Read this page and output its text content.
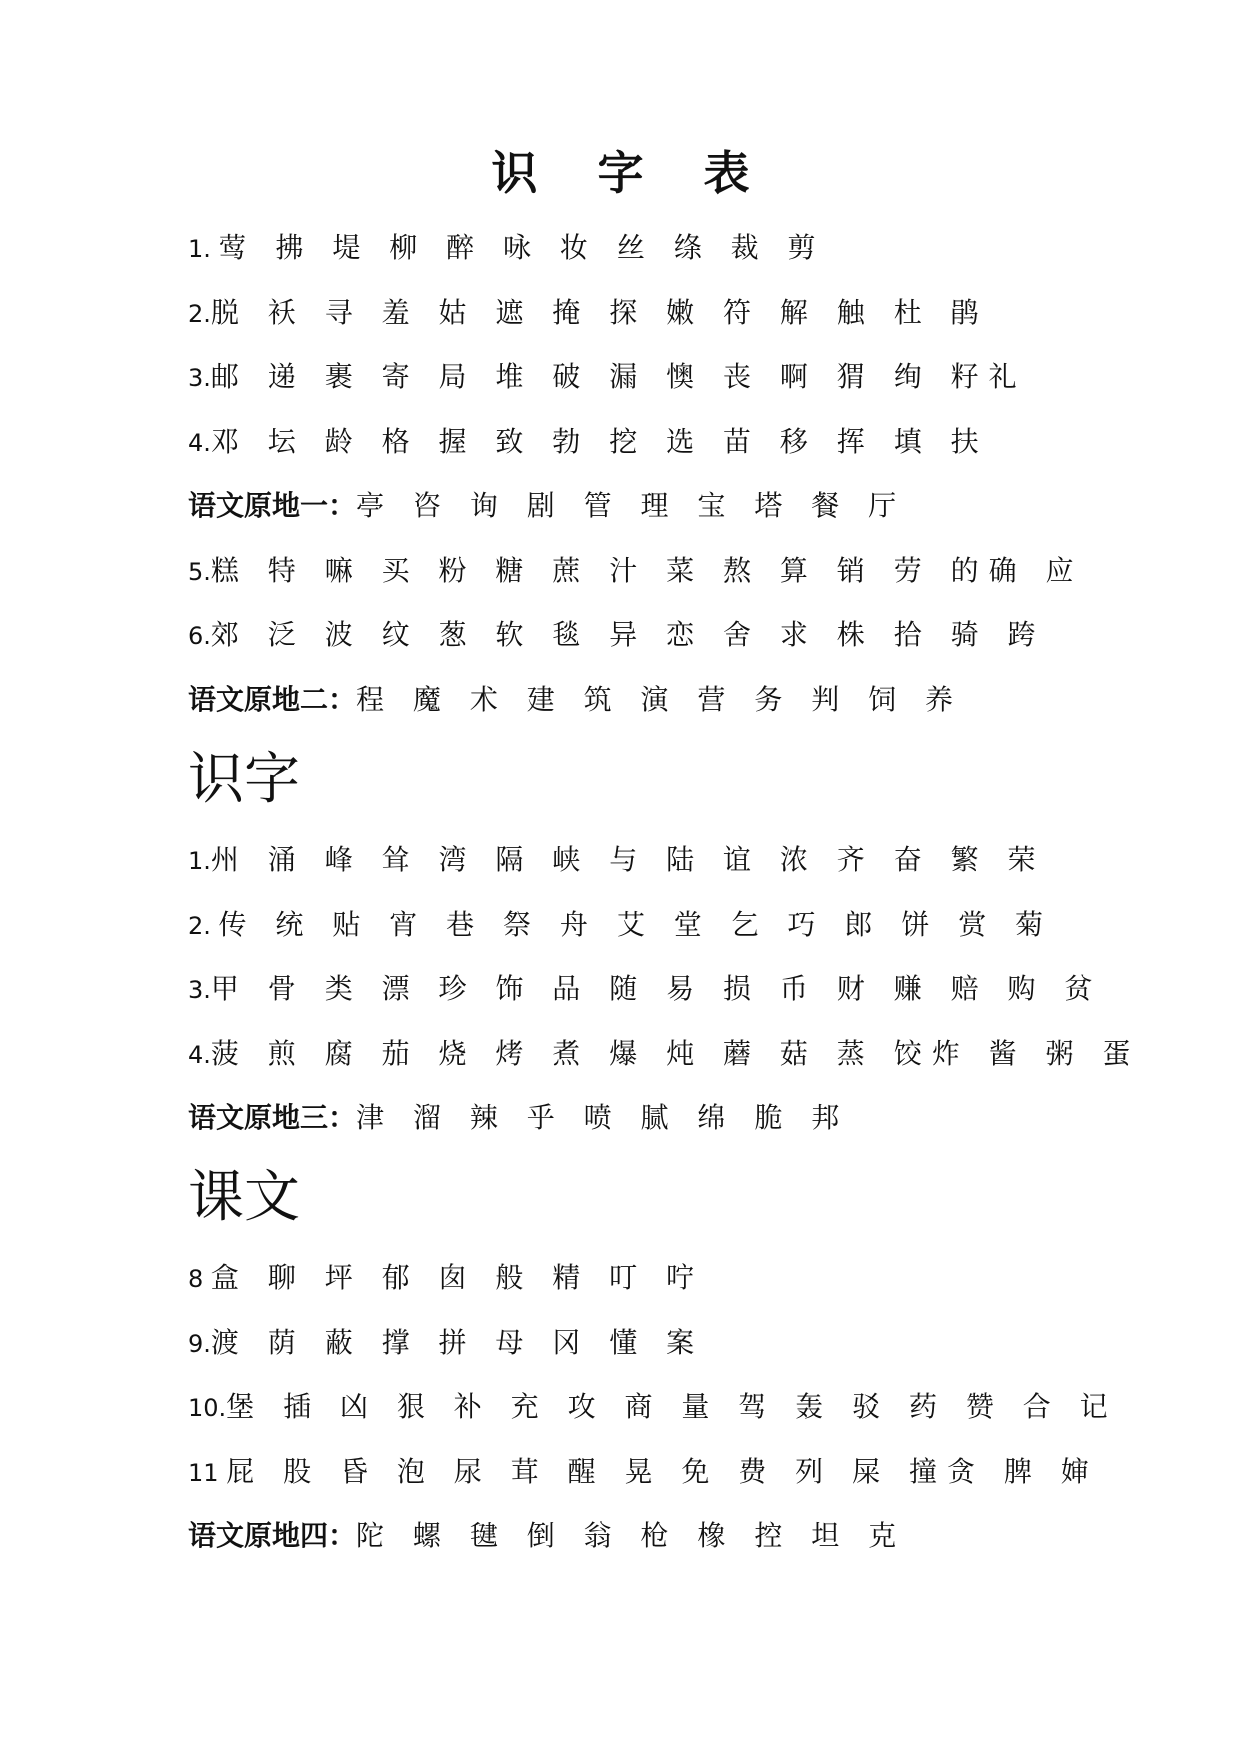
识 字 表
1. 莺 拂 堤 柳 醉 咏 妆 丝 绦 裁 剪
2.脱 袄 寻 羞 姑 遮 掩 探 嫩 符 解 触 杜 鹃
3.邮 递 裹 寄 局 堆 破 漏 懊 丧 啊 猬 绚 籽礼
4.邓 坛 龄 格 握 致 勃 挖 选 苗 移 挥 填 扶
语文原地一：亭 咨 询 剧 管 理 宝 塔 餐 厅
5.糕 特 嘛 买 粉 糖 蔗 汁 菜 熬 算 销 劳 的确 应
6.郊 泛 波 纹 葱 软 毯 异 恋 舍 求 株 拾 骑 跨
语文原地二：程 魔 术 建 筑 演 营 务 判 饲 养
识字
1.州 涌 峰 耸 湾 隔 峡 与 陆 谊 浓 齐 奋 繁 荣
2. 传 统 贴 宵 巷 祭 舟 艾 堂 乞 巧 郎 饼 赏 菊
3.甲 骨 类 漂 珍 饰 品 随 易 损 币 财 赚 赔 购 贫
4.菠 煎 腐 茄 烧 烤 煮 爆 炖 蘑 菇 蒸 饺炸 酱 粥 蛋
语文原地三：津 溜 辣 乎 喷 腻 绵 脆 邦
课文
8 盒 聊 坪 郁 囱 般 精 叮 咛
9.渡 荫 蔽 撑 拼 母 冈 懂 案
10.堡 插 凶 狠 补 充 攻 商 量 驾 轰 驳 药 赞 合 记
11 屁 股 昏 泡 尿 茸 醒 晃 免 费 列 屎 撞贪 脾 婶
语文原地四：陀 螺 毽 倒 翁 枪 橡 控 坦 克
